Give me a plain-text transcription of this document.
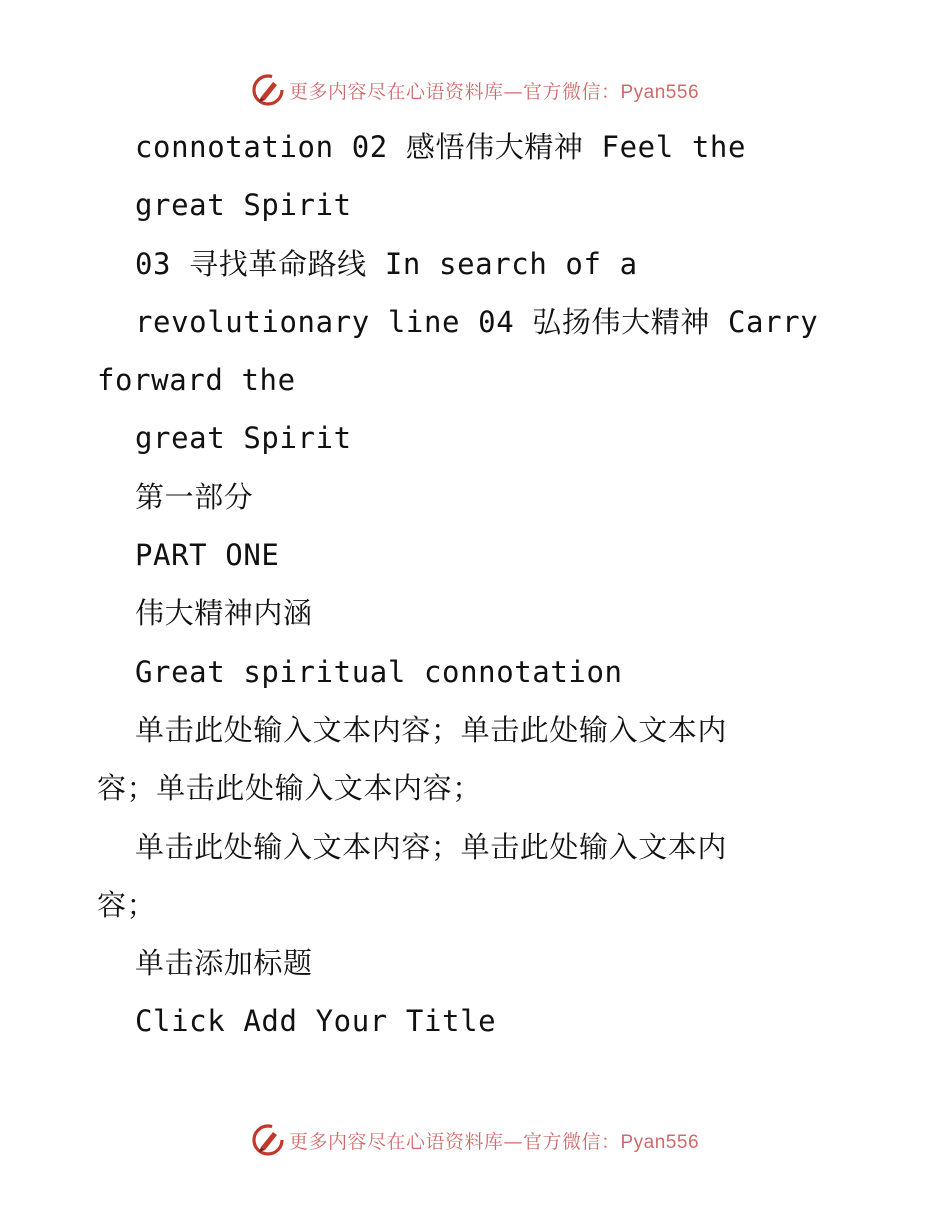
更多内容尽在心语资料库—官方微信：Pyan556
connotation 02 感悟伟大精神 Feel the
great Spirit
03 寻找革命路线 In search of a
revolutionary line 04 弘扬伟大精神 Carry
forward the
great Spirit
第一部分
PART ONE
伟大精神内涵
Great spiritual connotation
单击此处输入文本内容；单击此处输入文本内
容；单击此处输入文本内容；
单击此处输入文本内容；单击此处输入文本内
容；
单击添加标题
Click Add Your Title
更多内容尽在心语资料库—官方微信：Pyan556
